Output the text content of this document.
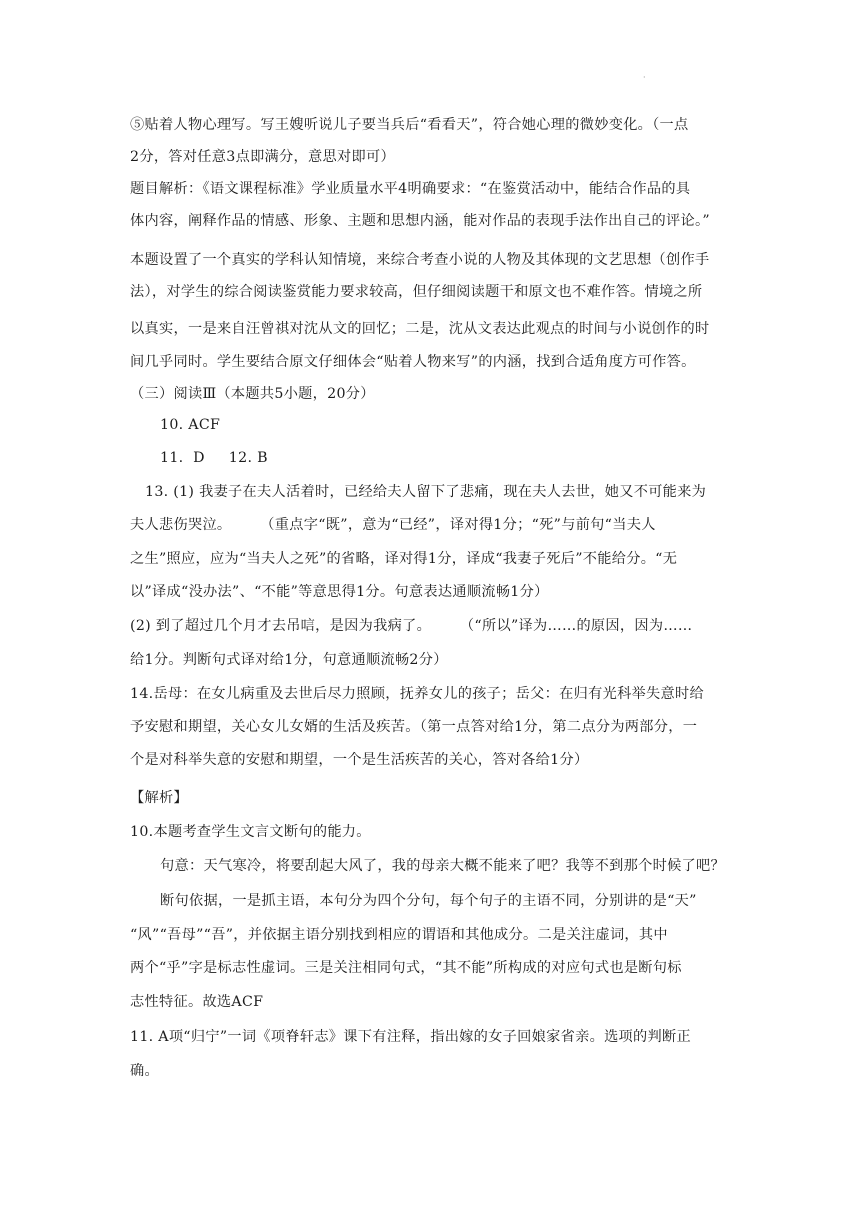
·
⑤贴着人物心理写。写王嫂听说儿子要当兵后“看看天”，符合她心理的微妙变化。（一点
2分，答对任意3点即满分，意思对即可）
题目解析：《语文课程标准》学业质量水平4明确要求：“在鉴赏活动中，能结合作品的具
体内容，阐释作品的情感、形象、主题和思想内涵，能对作品的表现手法作出自己的评论。”
本题设置了一个真实的学科认知情境，来综合考查小说的人物及其体现的文艺思想（创作手
法），对学生的综合阅读鉴赏能力要求较高，但仔细阅读题干和原文也不难作答。情境之所
以真实，一是来自汪曾祺对沈从文的回忆；二是，沈从文表达此观点的时间与小说创作的时
间几乎同时。学生要结合原文仔细体会“贴着人物来写”的内涵，找到合适角度方可作答。
（三）阅读Ⅲ（本题共5小题，20分）
10. ACF
11.  D     12. B
13. (1) 我妻子在夫人活着时，已经给夫人留下了悲痛，现在夫人去世，她又不可能来为
夫人悲伤哭泣。      （重点字“既”，意为“已经”，译对得1分；“死”与前句“当夫人
之生”照应，应为“当夫人之死”的省略，译对得1分，译成“我妻子死后”不能给分。“无
以”译成“没办法”、“不能”等意思得1分。句意表达通顺流畅1分）
(2) 到了超过几个月才去吊唁，是因为我病了。      （“所以”译为……的原因，因为……
给1分。判断句式译对给1分，句意通顺流畅2分）
14.岳母：在女儿病重及去世后尽力照顾，抚养女儿的孩子；岳父：在归有光科举失意时给
予安慰和期望，关心女儿女婿的生活及疾苦。（第一点答对给1分，第二点分为两部分，一
个是对科举失意的安慰和期望，一个是生活疾苦的关心，答对各给1分）
【解析】
10.本题考查学生文言文断句的能力。
句意：天气寒冷，将要刮起大风了，我的母亲大概不能来了吧？我等不到那个时候了吧？
断句依据，一是抓主语，本句分为四个分句，每个句子的主语不同，分别讲的是“天”
“风”“吾母”“吾”，并依据主语分别找到相应的谓语和其他成分。二是关注虚词，其中
两个“乎”字是标志性虚词。三是关注相同句式，“其不能”所构成的对应句式也是断句标
志性特征。故选ACF
11. A项“归宁”一词《项脊轩志》课下有注释，指出嫁的女子回娘家省亲。选项的判断正
确。
